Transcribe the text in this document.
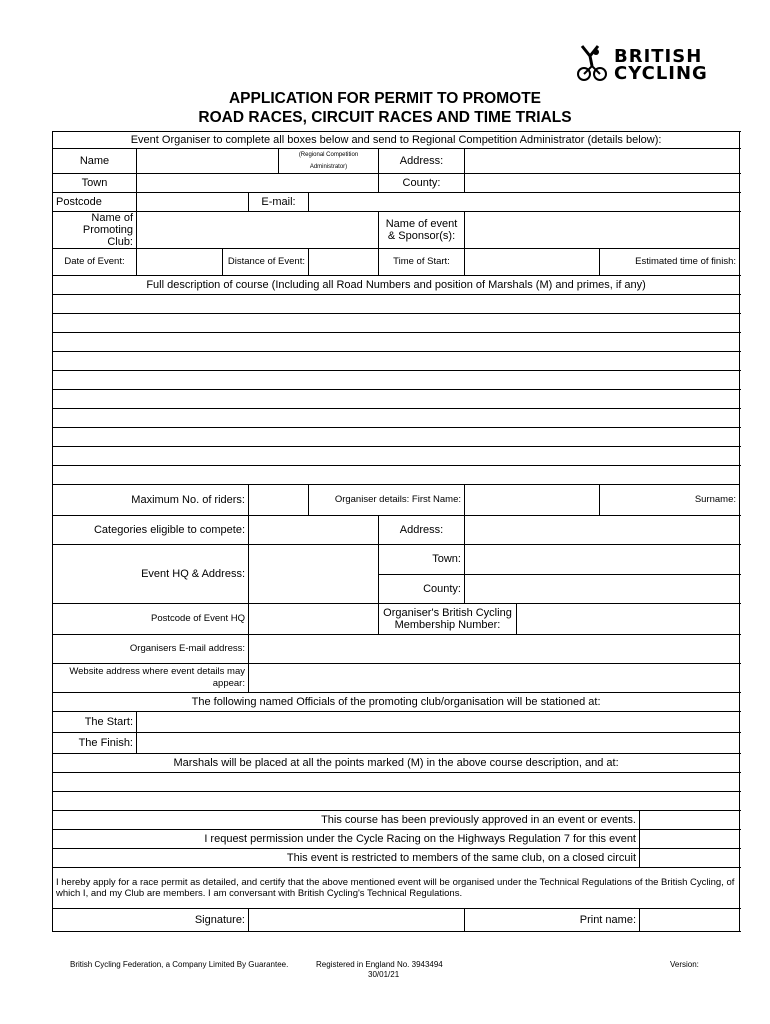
BRITISH
CYCLING
APPLICATION FOR PERMIT TO PROMOTE
ROAD RACES, CIRCUIT RACES AND TIME TRIALS
Event Organiser to complete all boxes below and send to Regional Competition Administrator (details below):											
Name				(Regional Competition Administrator)		Address:					
Town						County:					
Postcode			E-mail:								
Name of Promoting Club:						Name of event & Sponsor(s):					
Date of Event:		Distance of Event:				Time of Start:			Estimated time of finish:		
Full description of course (Including all Road Numbers and position of Marshals (M) and primes, if any)											

Maximum No. of riders:					Organiser details: First Name:				Surname:		
Categories eligible to compete:						Address:					
Event HQ & Address:						Town:					
						County:					
Postcode of Event HQ						Organiser's British Cycling Membership Number:					
Organisers E-mail address:											
Website address where event details may appear:											
The following named Officials of the promoting club/organisation will be stationed at:											
The Start:											
The Finish:											
Marshals will be placed at all the points marked (M) in the above course description, and at:											

This course has been previously approved in an event or events.											
I request permission under the Cycle Racing on the Highways Regulation 7 for this event											
This event is restricted to members of the same club, on a closed circuit											
I hereby apply for a race permit as detailed, and certify that the above mentioned event will be organised under the Technical Regulations of the British Cycling, of which I, and my Club are members. I am conversant with British Cycling's Technical Regulations.											
Signature:							Print name:				
British Cycling Federation, a Company Limited By Guarantee.	Registered in England No. 3943494
30/01/21
Version:
